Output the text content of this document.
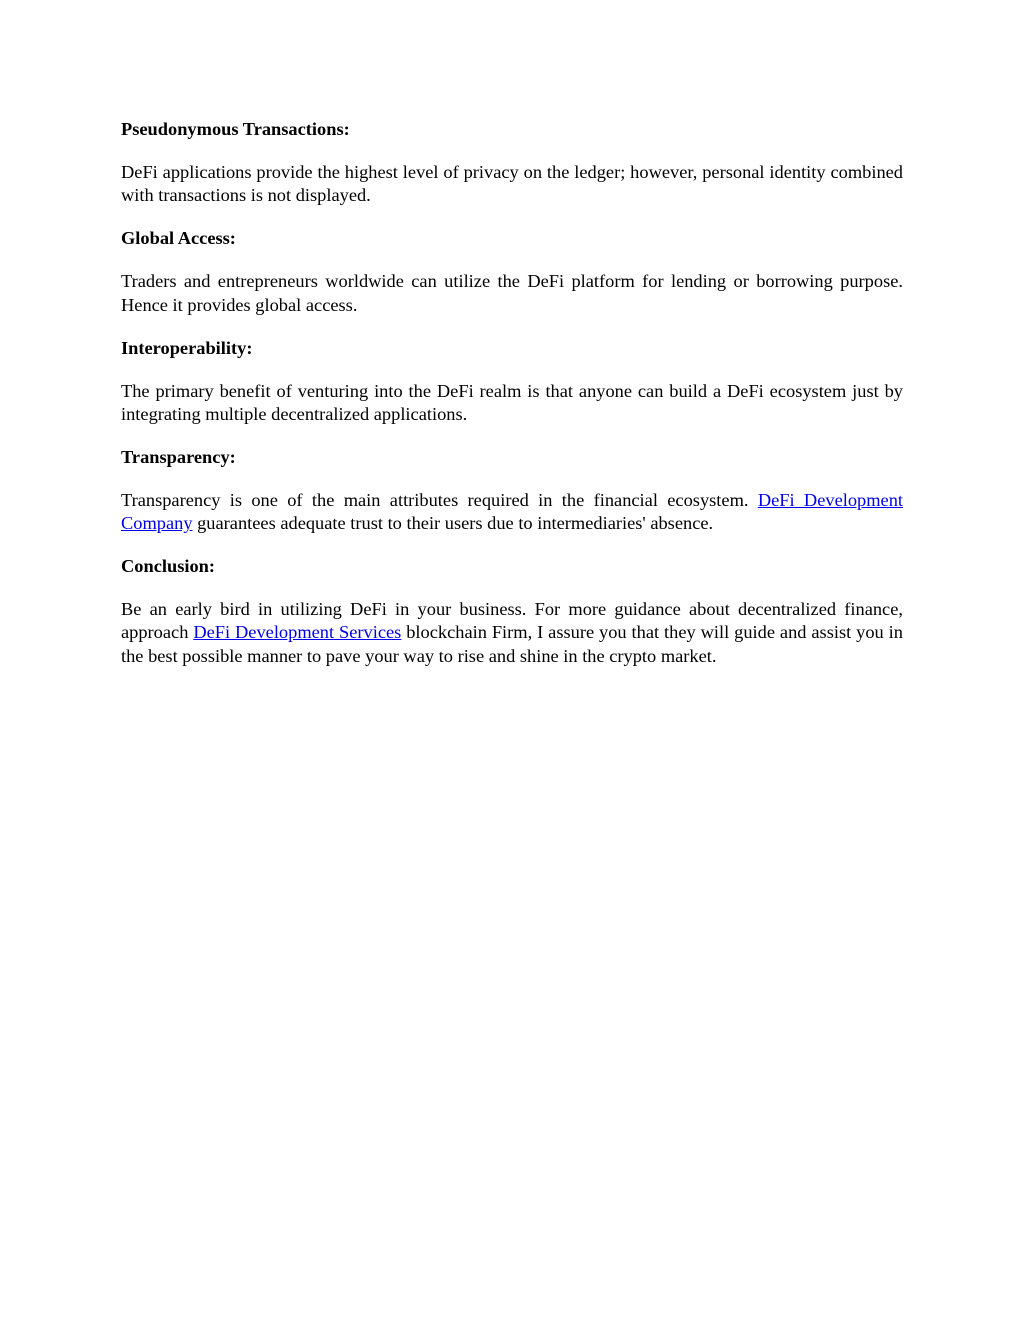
Pseudonymous Transactions:

DeFi applications provide the highest level of privacy on the ledger; however, personal identity combined with transactions is not displayed.

Global Access:

Traders and entrepreneurs worldwide can utilize the DeFi platform for lending or borrowing purpose. Hence it provides global access.

Interoperability:

The primary benefit of venturing into the DeFi realm is that anyone can build a DeFi ecosystem just by integrating multiple decentralized applications.

Transparency:

Transparency is one of the main attributes required in the financial ecosystem. DeFi Development Company guarantees adequate trust to their users due to intermediaries' absence.

Conclusion:

Be an early bird in utilizing DeFi in your business. For more guidance about decentralized finance, approach DeFi Development Services blockchain Firm, I assure you that they will guide and assist you in the best possible manner to pave your way to rise and shine in the crypto market.
